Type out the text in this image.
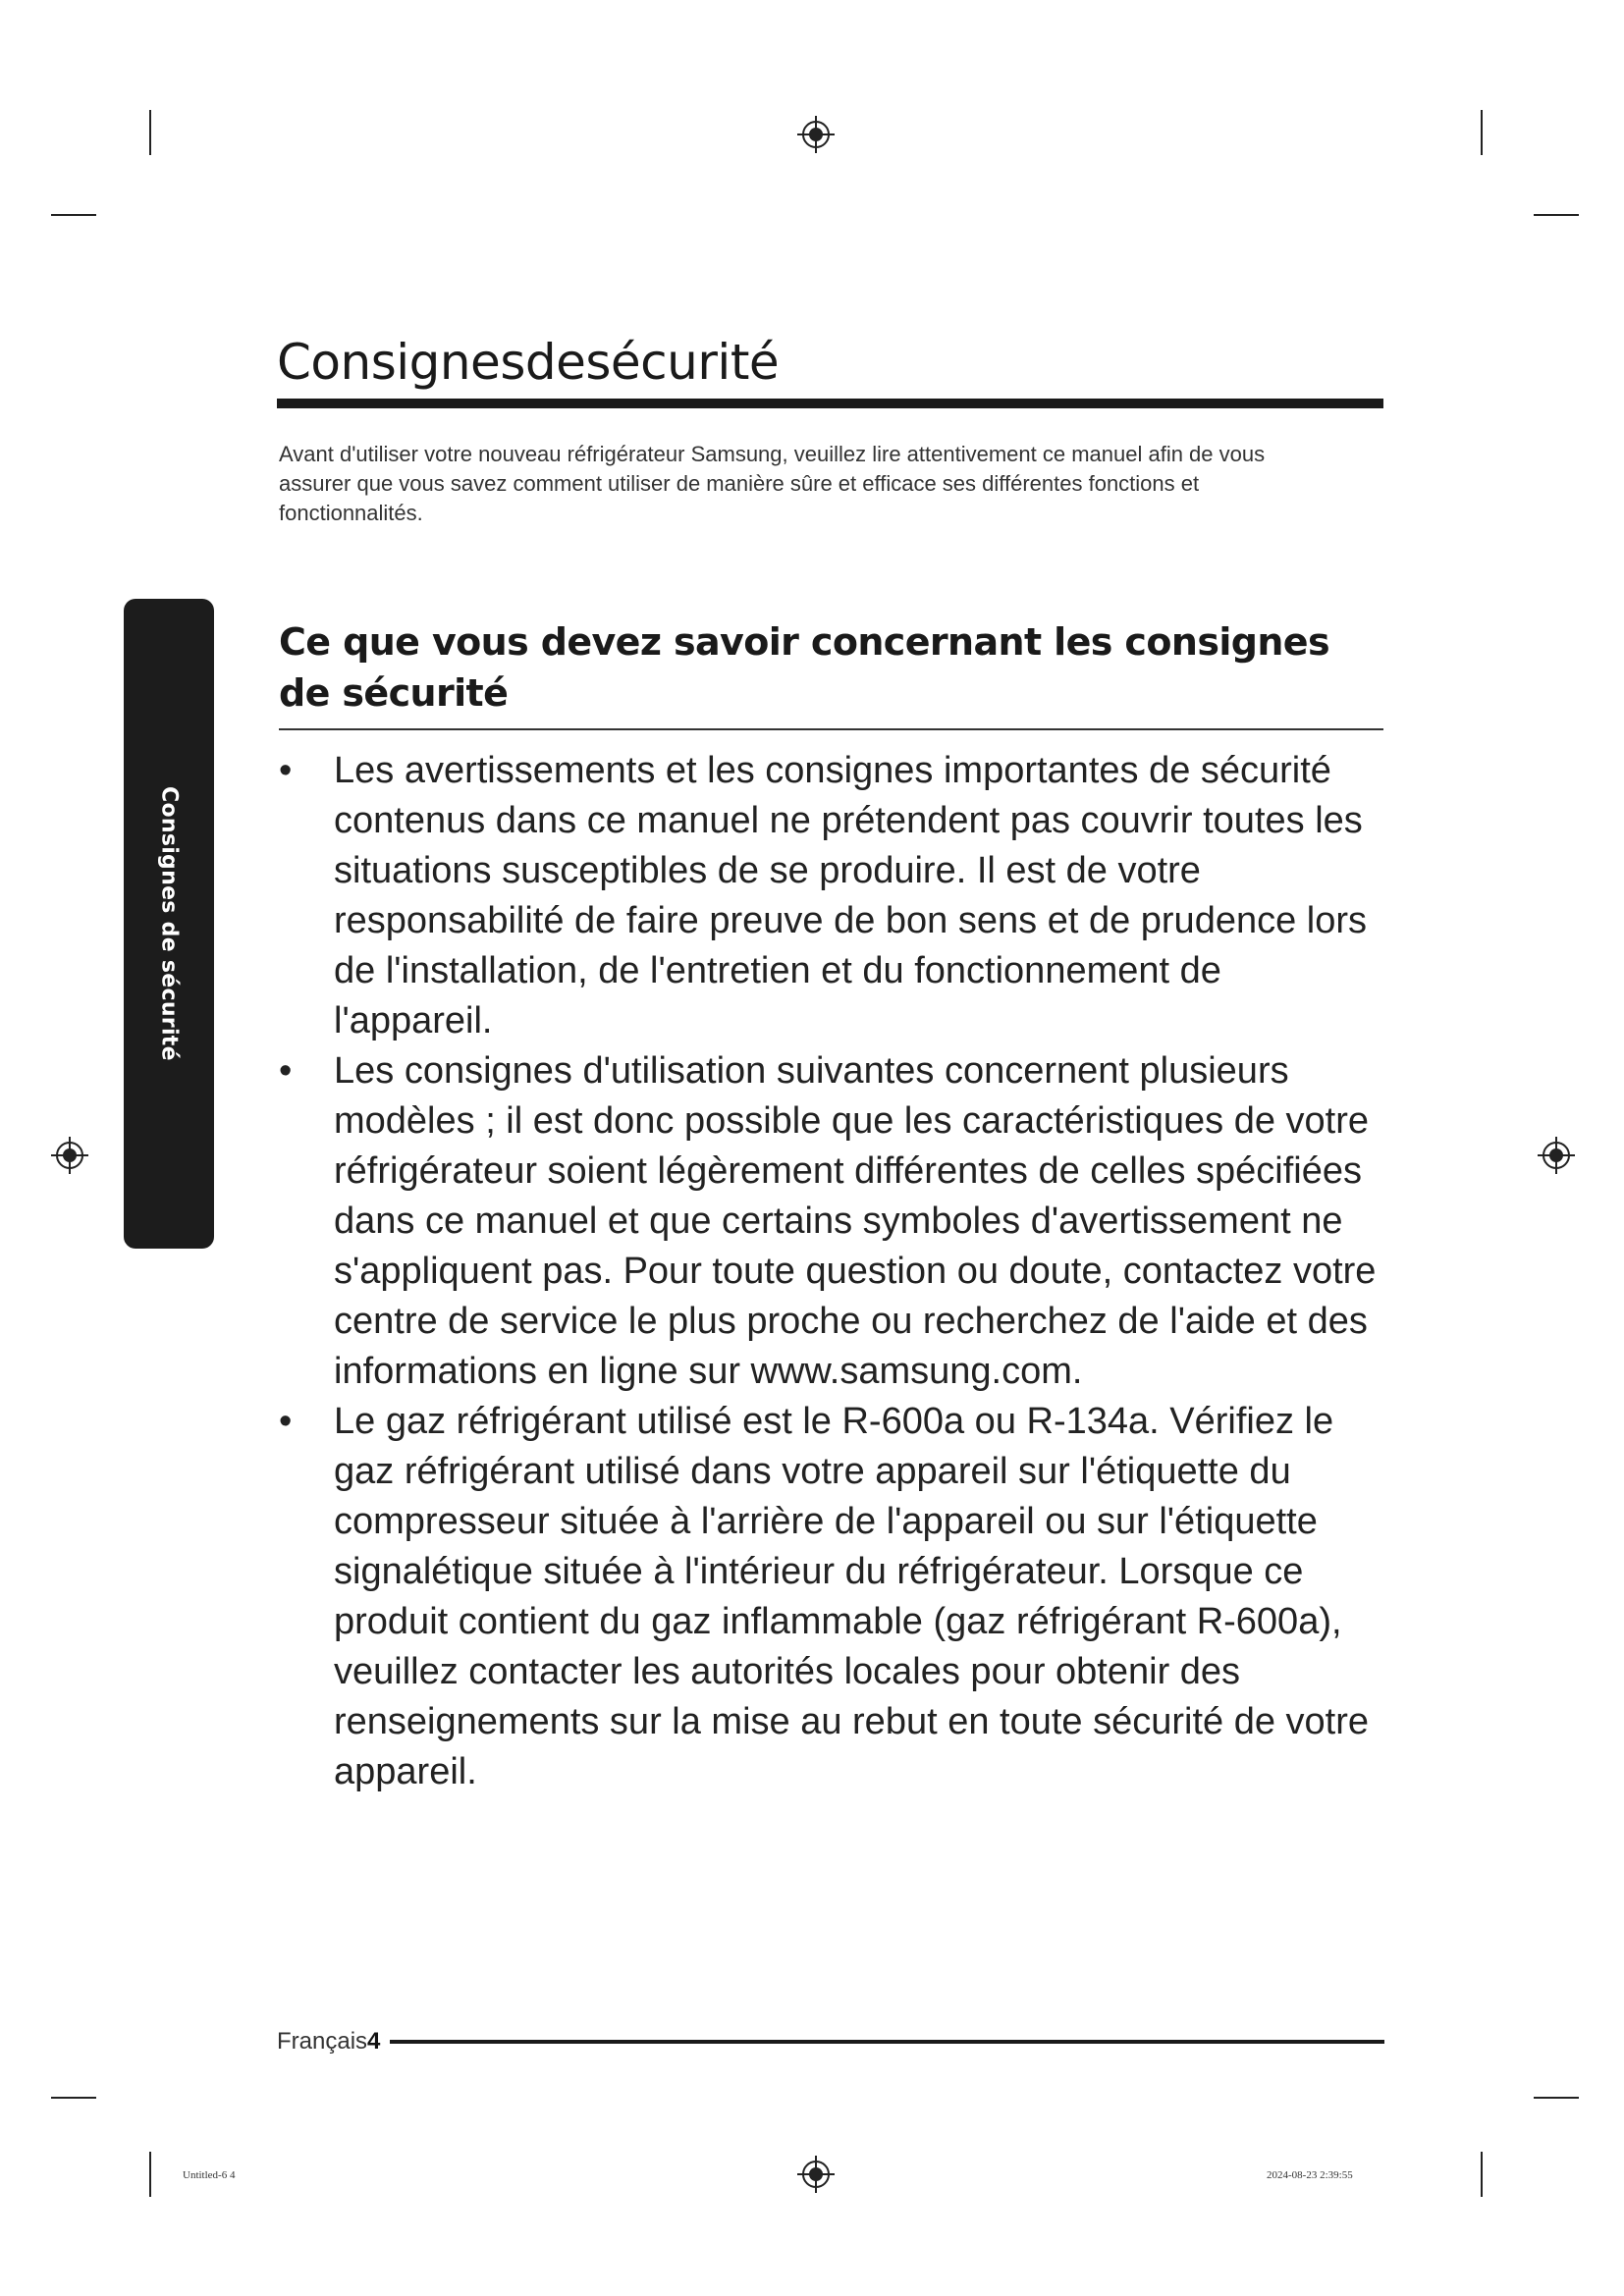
Consignesdesécurité

Avant d'utiliser votre nouveau réfrigérateur Samsung, veuillez lire attentivement ce manuel afin de vous assurer que vous savez comment utiliser de manière sûre et efficace ses différentes fonctions et fonctionnalités.

Consignes de sécurité
Ce que vous devez savoir concernant les consignes de sécurité
•	Les avertissements et les consignes importantes de sécurité contenus dans ce manuel ne prétendent pas couvrir toutes les situations susceptibles de se produire. Il est de votre responsabilité de faire preuve de bon sens et de prudence lors de l'installation, de l'entretien et du fonctionnement de l'appareil.
•	Les consignes d'utilisation suivantes concernent plusieurs modèles ; il est donc possible que les caractéristiques de votre réfrigérateur soient légèrement différentes de celles spécifiées dans ce manuel et que certains symboles d'avertissement ne s'appliquent pas. Pour toute question ou doute, contactez votre centre de service le plus proche ou recherchez de l'aide et des informations en ligne sur www.samsung.com.
•	Le gaz réfrigérant utilisé est le R-600a ou R-134a. Vérifiez le gaz réfrigérant utilisé dans votre appareil sur l'étiquette du compresseur située à l'arrière de l'appareil ou sur l'étiquette signalétique située à l'intérieur du réfrigérateur. Lorsque ce produit contient du gaz inflammable (gaz réfrigérant R-600a), veuillez contacter les autorités locales pour obtenir des renseignements sur la mise au rebut en toute sécurité de votre appareil.
Français 4
Untitled-6 4	2024-08-23 2:39:55
